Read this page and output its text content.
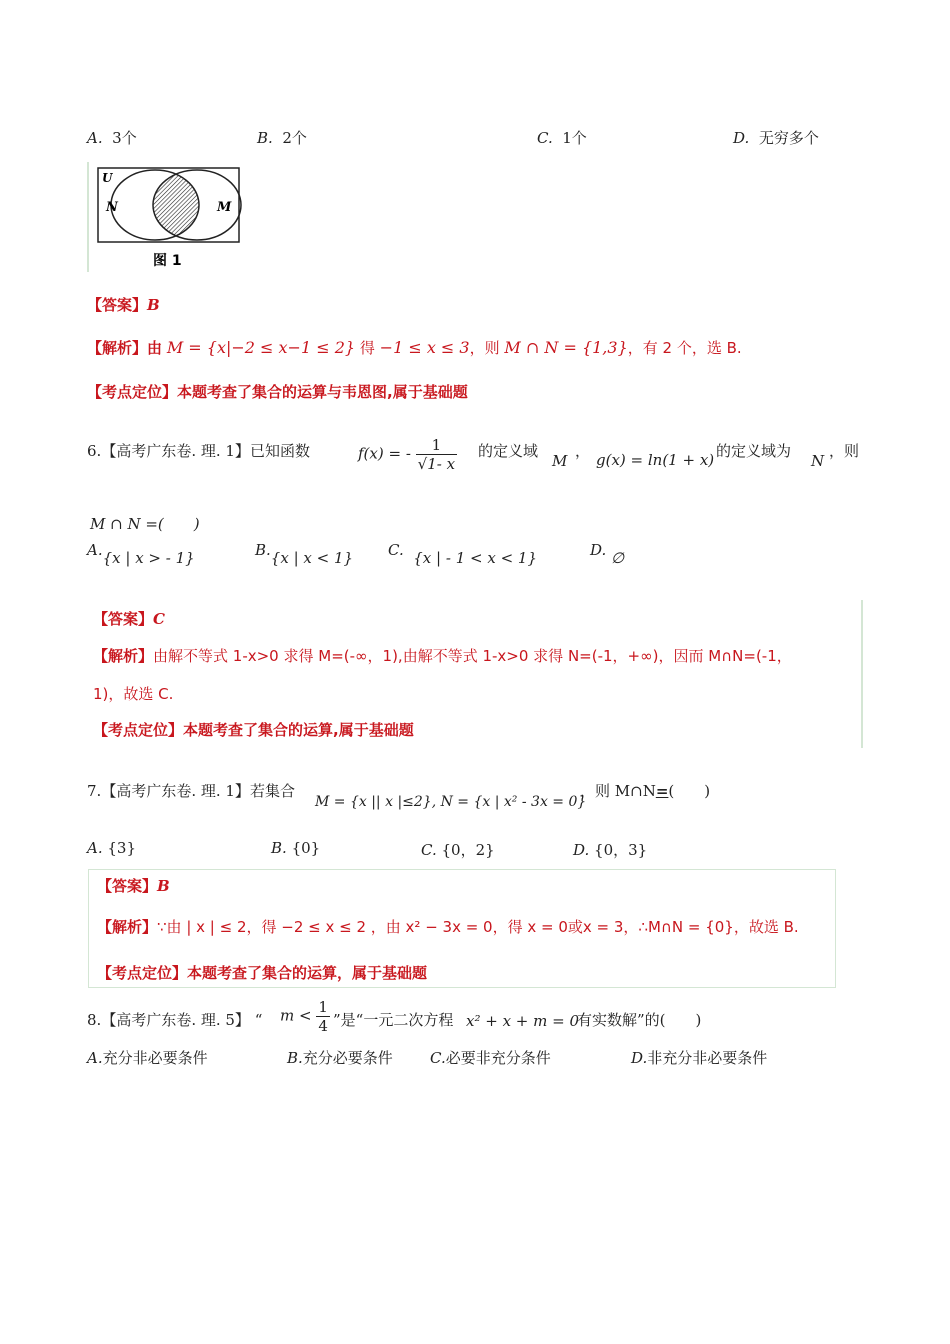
A. 3个	B. 2个	C. 1个	D. 无穷多个
U
N	M
图 1
【答案】B
【解析】由 M = {x|−2 ≤ x−1 ≤ 2} 得 −1 ≤ x ≤ 3，则 M ∩ N = {1,3}，有 2 个，选 B.
【考点定位】本题考查了集合的运算与韦恩图,属于基础题
6.【高考广东卷. 理. 1】已知函数	f(x) = - $\frac{1}{√1- x}$ 的定义域
M
， g(x) = ln(1 + x) 的定义域为
N
，则
M ∩ N =(　　)
A.{x | x > - 1}	B.{x | x < 1} C. {x | - 1 < x < 1}	D. ∅
【答案】C
【解析】由解不等式 1-x>0 求得 M=(-∞，1),由解不等式 1-x>0 求得 N=(-1，+∞)，因而 M∩N=(-1，
1)，故选 C.
【考点定位】本题考查了集合的运算,属于基础题
7.【高考广东卷. 理. 1】若集合
M = {x || x |≤2}, N = {x | x² - 3x = 0}
，则 M∩N=(　　)
A. {3}	B. {0}	C. {0，2}	D. {0，3}
【答案】B
【解析】∵由 | x | ≤ 2，得 −2 ≤ x ≤ 2 ，由 x² − 3x = 0，得 x = 0或x = 3，∴M∩N = {0}，故选 B.
【考点定位】本题考查了集合的运算，属于基础题
8.【高考广东卷. 理. 5】 “ $m < \frac{1}{4}$ ”是“一元二次方程 x² + x + m = 0
有实数解”的(　　)
A.充分非必要条件	B.充分必要条件 C.必要非充分条件	D.非充分非必要条件
